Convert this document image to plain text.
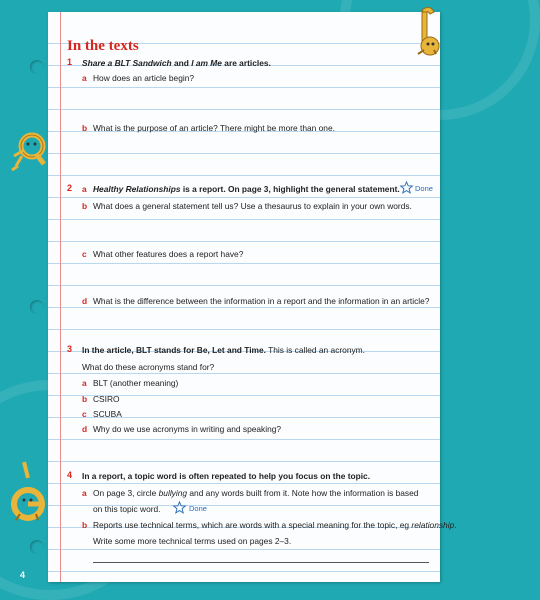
In the texts
1 Share a BLT Sandwich and I am Me are articles.
a How does an article begin?
b What is the purpose of an article? There might be more than one.
2 a Healthy Relationships is a report. On page 3, highlight the general statement. Done
b What does a general statement tell us? Use a thesaurus to explain in your own words.
c What other features does a report have?
d What is the difference between the information in a report and the information in an article?
3 In the article, BLT stands for Be, Let and Time. This is called an acronym.
What do these acronyms stand for?
a BLT (another meaning)
b CSIRO
c SCUBA
d Why do we use acronyms in writing and speaking?
4 In a report, a topic word is often repeated to help you focus on the topic.
a On page 3, circle bullying and any words built from it. Note how the information is based
on this topic word.	Done
b Reports use technical terms, which are words with a special meaning for the topic, eg relationship.
Write some more technical terms used on pages 2–3.
4
